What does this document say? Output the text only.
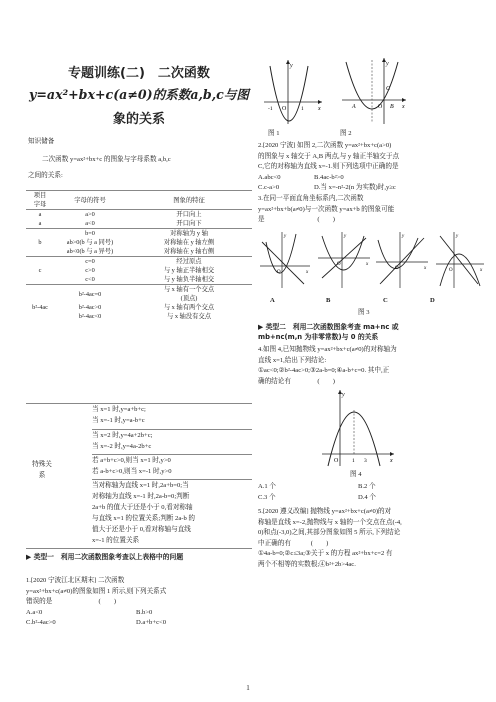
专题训练(二)　二次函数
y=ax²+bx+c(a≠0)的系数a,b,c与图
象的关系
知识储备
二次函数 y=ax²+bx+c 的图象与字母系数 a,b,c
之间的关系:
项目
字母	字母的符号	图象的特征
a	a>0	开口向上
a	a<0	开口向下
	b=0	对称轴为 y 轴
b	ab>0(b 与 a 同号)	对称轴在 y 轴左侧
	ab<0(b 与 a 异号)	对称轴在 y 轴右侧
	c=0	经过原点
c	c>0	与 y 轴正半轴相交
	c<0	与 y 轴负半轴相交
	b²-4ac=0	与 x 轴有一个交点
(顶点)
b²-4ac	b²-4ac>0	与 x 轴有两个交点
	b²-4ac<0	与 x 轴没有交点
特殊关
系
当 x=1 时,y=a+b+c;
当 x=-1 时,y=a-b+c
当 x=2 时,y=4a+2b+c;
当 x=-2 时,y=4a-2b+c
若 a+b+c>0,则当 x=1 时,y>0
若 a-b+c>0,则当 x=-1 时,y>0
当对称轴为直线 x=1 时,2a+b=0;当
对称轴为直线 x=-1 时,2a-b=0;判断
2a+b 的值大于还是小于 0,看对称轴
与直线 x=1 的位置关系;判断 2a-b 的
值大于还是小于 0,看对称轴与直线
x=-1 的位置关系
▶ 类型一　利用二次函数图象考查以上表格中的问题
1.[2020 宁波江北区期末] 二次函数
y=ax²+bx+c(a≠0)的图象如图 1 所示,则下列关系式
错误的是　　　　　　　(　　)
A.a<0	B.b>0
C.b²-4ac>0	D.a+b+c<0
y
x
O
-1	1
图 1
y
x
C
A	O B
图 2
2.[2020 宁波] 如图 2,二次函数 y=ax²+bx+c(a>0)
的图象与 x 轴交于 A,B 两点,与 y 轴正半轴交于点
C,它的对称轴为直线 x=-1.则下列选项中正确的是
A.abc<0	B.4ac-b²>0
C.c-a>0	D.当 x=-n²-2(n 为实数)时,y≥c
3.在同一平面直角坐标系内,二次函数
y=ax²+bx+b(a≠0)与一次函数 y=ax+b 的图象可能
是　　　　　　　　(　　)
y
x
O
y
x
O
y
x
O
y
x
O
A	B	C	D
图 3
▶ 类型二　利用二次函数图象考查 ma+nc 或
mb+nc(m,n 为非零常数)与 0 的关系
4.如图 4,已知抛物线 y=ax²+bx+c(a≠0)的对称轴为
直线 x=1,给出下列结论:
①ac<0;②b²-4ac>0;③2a-b=0;④a-b+c=0. 其中,正
确的结论有　　　　(　　)
y
x
O 1 3
图 4
A.1 个	B.2 个
C.3 个	D.4 个
5.[2020 遵义改编] 抛物线 y=ax²+bx+c(a≠0)的对
称轴是直线 x=-2,抛物线与 x 轴的一个交点在点(-4,
0)和点(-3,0)之间,其部分图象如图 5 所示,下列结论
中正确的有　　　(　　)
①4a-b=0;②c≤3a;③关于 x 的方程 ax²+bx+c=2 有
两个不相等的实数根;④b²+2b>4ac.
1
